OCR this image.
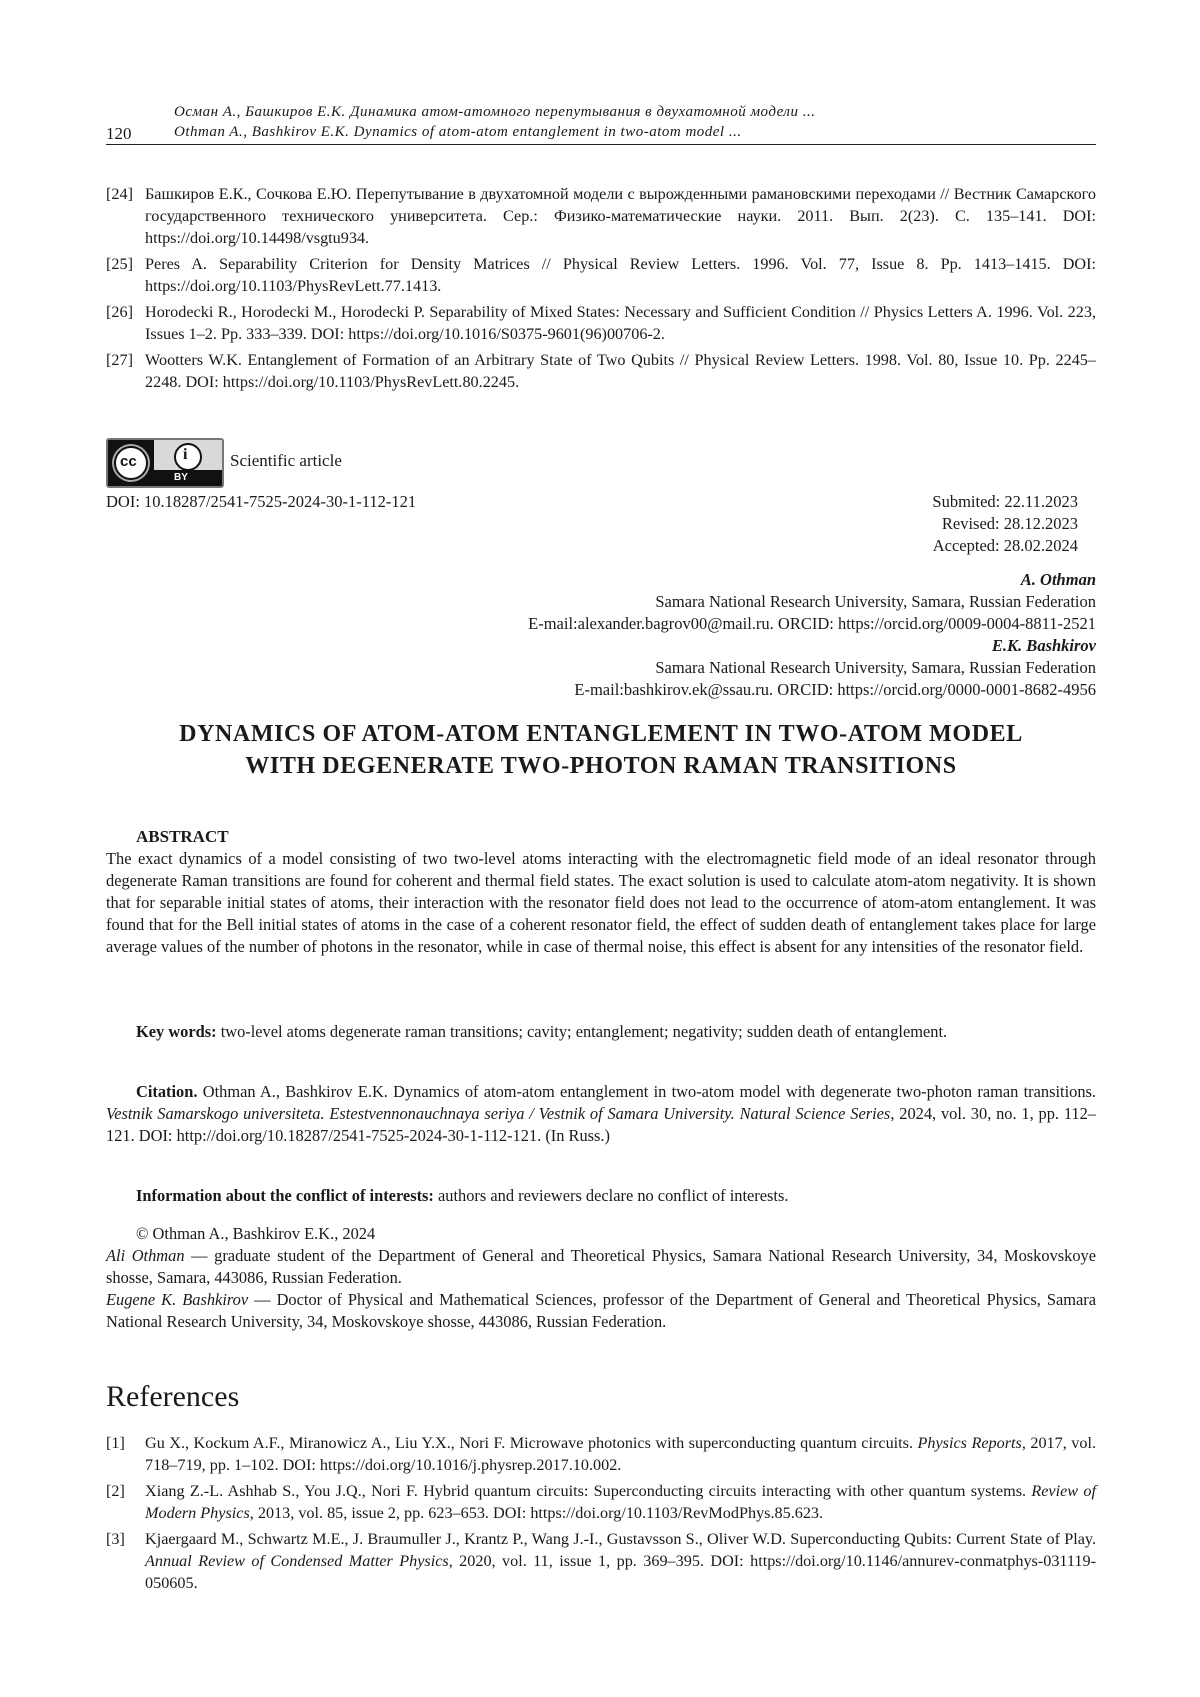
120
Осман А., Башкиров Е.К. Динамика атом-атомного перепутывания в двухатомной модели ...
Othman A., Bashkirov E.K. Dynamics of atom-atom entanglement in two-atom model ...
[24] Башкиров Е.К., Сочкова Е.Ю. Перепутывание в двухатомной модели с вырожденными рамановскими переходами // Вестник Самарского государственного технического университета. Сер.: Физико-математические науки. 2011. Вып. 2(23). С. 135–141. DOI: https://doi.org/10.14498/vsgtu934.
[25] Peres A. Separability Criterion for Density Matrices // Physical Review Letters. 1996. Vol. 77, Issue 8. Pp. 1413–1415. DOI: https://doi.org/10.1103/PhysRevLett.77.1413.
[26] Horodecki R., Horodecki M., Horodecki P. Separability of Mixed States: Necessary and Sufficient Condition // Physics Letters A. 1996. Vol. 223, Issues 1–2. Pp. 333–339. DOI: https://doi.org/10.1016/S0375-9601(96)00706-2.
[27] Wootters W.K. Entanglement of Formation of an Arbitrary State of Two Qubits // Physical Review Letters. 1998. Vol. 80, Issue 10. Pp. 2245–2248. DOI: https://doi.org/10.1103/PhysRevLett.80.2245.
cc	i
BY
Scientific article
DOI: 10.18287/2541-7525-2024-30-1-112-121	Submited: 22.11.2023
Revised: 28.12.2023
Accepted: 28.02.2024
A. Othman
Samara National Research University, Samara, Russian Federation
E-mail:alexander.bagrov00@mail.ru. ORCID: https://orcid.org/0009-0004-8811-2521
E.K. Bashkirov
Samara National Research University, Samara, Russian Federation
E-mail:bashkirov.ek@ssau.ru. ORCID: https://orcid.org/0000-0001-8682-4956
DYNAMICS OF ATOM-ATOM ENTANGLEMENT IN TWO-ATOM MODEL
WITH DEGENERATE TWO-PHOTON RAMAN TRANSITIONS
ABSTRACT
The exact dynamics of a model consisting of two two-level atoms interacting with the electromagnetic field mode of an ideal resonator through degenerate Raman transitions are found for coherent and thermal field states. The exact solution is used to calculate atom-atom negativity. It is shown that for separable initial states of atoms, their interaction with the resonator field does not lead to the occurrence of atom-atom entanglement. It was found that for the Bell initial states of atoms in the case of a coherent resonator field, the effect of sudden death of entanglement takes place for large average values of the number of photons in the resonator, while in case of thermal noise, this effect is absent for any intensities of the resonator field.
Key words: two-level atoms degenerate raman transitions; cavity; entanglement; negativity; sudden death of entanglement.
Citation. Othman A., Bashkirov E.K. Dynamics of atom-atom entanglement in two-atom model with degenerate two-photon raman transitions. Vestnik Samarskogo universiteta. Estestvennonauchnaya seriya / Vestnik of Samara University. Natural Science Series, 2024, vol. 30, no. 1, pp. 112–121. DOI: http://doi.org/10.18287/2541-7525-2024-30-1-112-121. (In Russ.)
Information about the conflict of interests: authors and reviewers declare no conflict of interests.
© Othman A., Bashkirov E.K., 2024
Ali Othman — graduate student of the Department of General and Theoretical Physics, Samara National Research University, 34, Moskovskoye shosse, Samara, 443086, Russian Federation.
Eugene K. Bashkirov — Doctor of Physical and Mathematical Sciences, professor of the Department of General and Theoretical Physics, Samara National Research University, 34, Moskovskoye shosse, 443086, Russian Federation.
References
[1] Gu X., Kockum A.F., Miranowicz A., Liu Y.X., Nori F. Microwave photonics with superconducting quantum circuits. Physics Reports, 2017, vol. 718–719, pp. 1–102. DOI: https://doi.org/10.1016/j.physrep.2017.10.002.
[2] Xiang Z.-L. Ashhab S., You J.Q., Nori F. Hybrid quantum circuits: Superconducting circuits interacting with other quantum systems. Review of Modern Physics, 2013, vol. 85, issue 2, pp. 623–653. DOI: https://doi.org/10.1103/RevModPhys.85.623.
[3] Kjaergaard M., Schwartz M.E., J. Braumuller J., Krantz P., Wang J.-I., Gustavsson S., Oliver W.D. Superconducting Qubits: Current State of Play. Annual Review of Condensed Matter Physics, 2020, vol. 11, issue 1, pp. 369–395. DOI: https://doi.org/10.1146/annurev-conmatphys-031119-050605.
